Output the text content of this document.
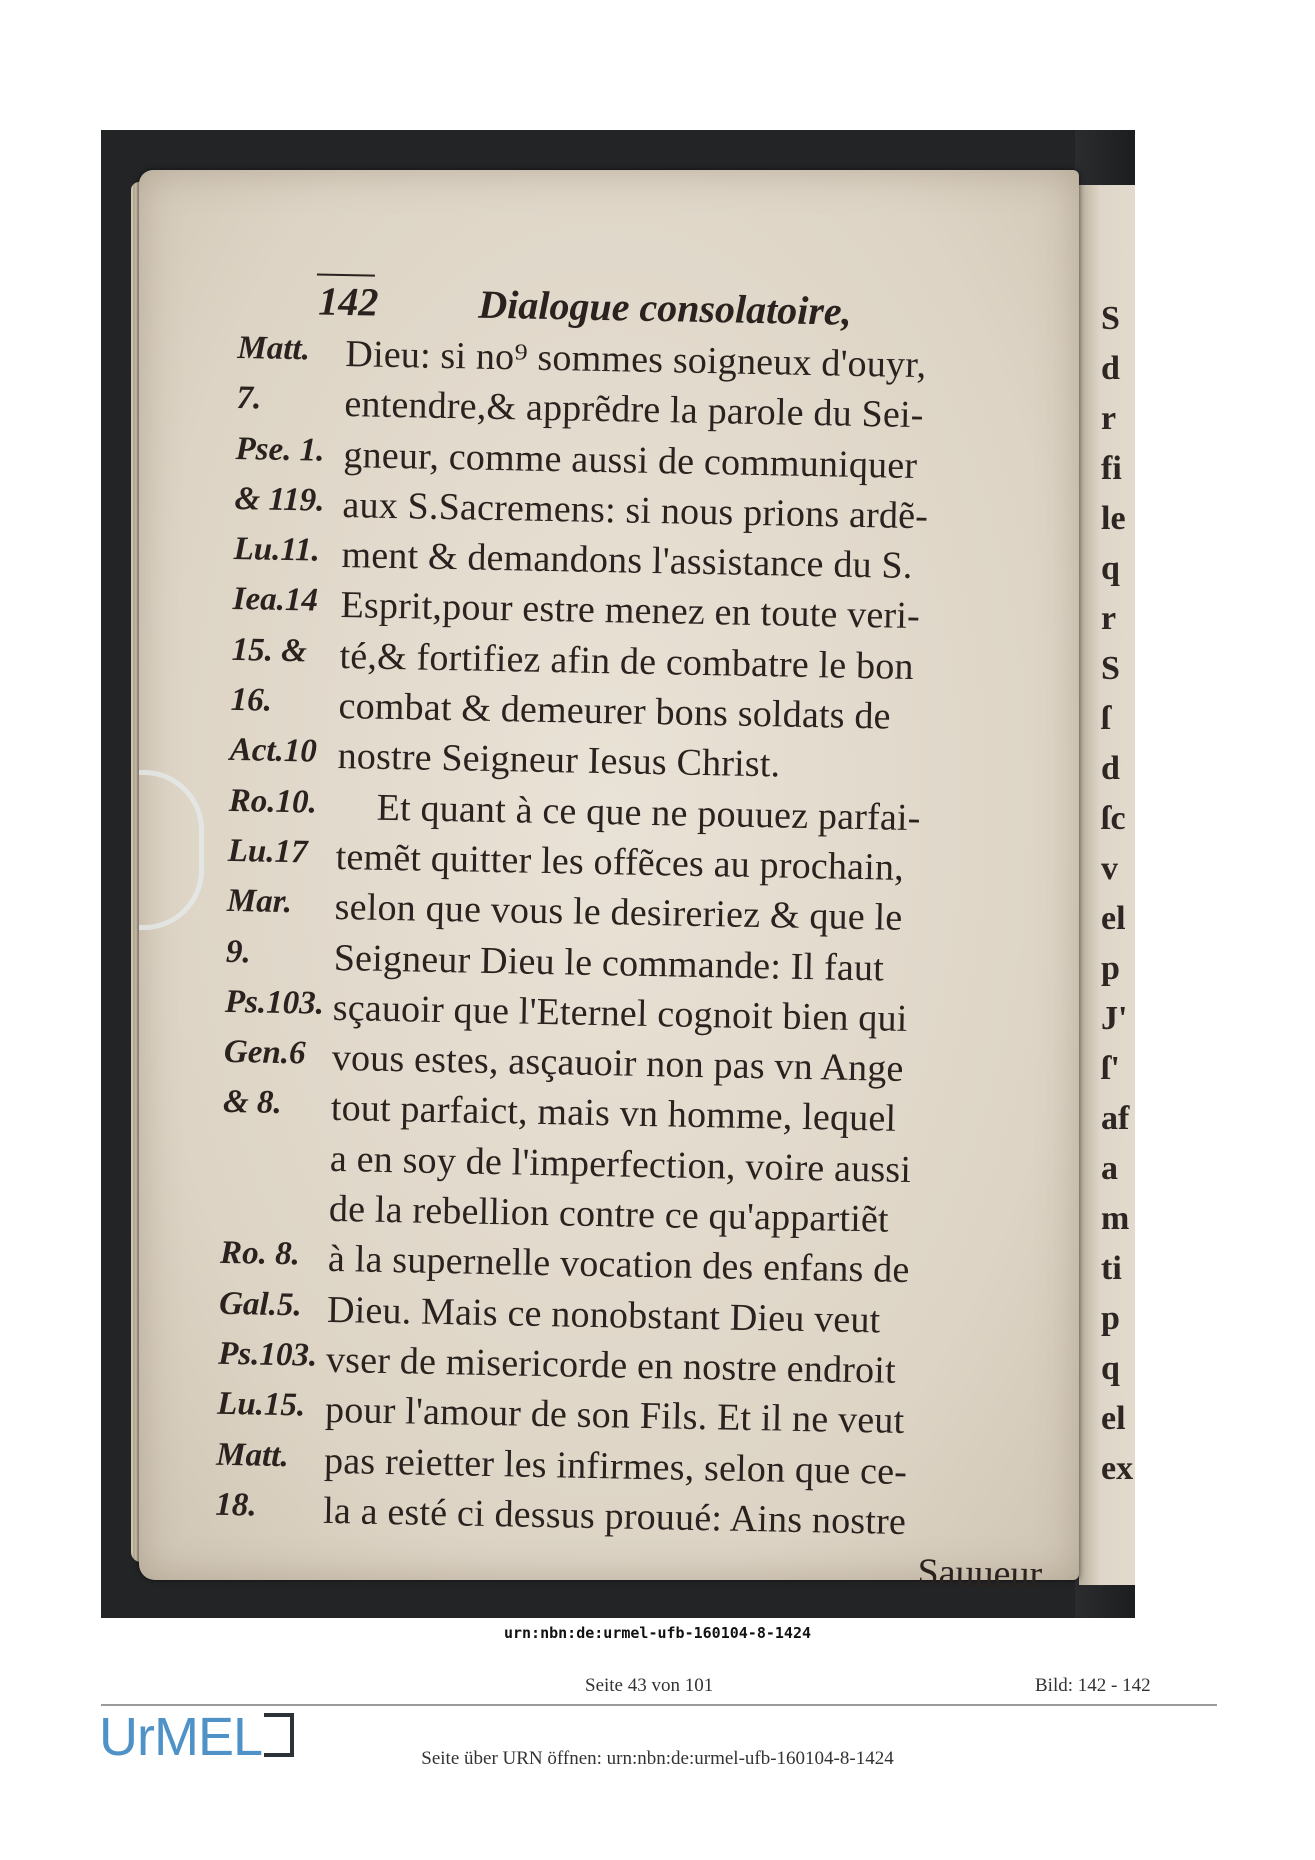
S
d
r
fi
le
q
r
S
ſ
d
ſc
v
el
p
J'
ſ'
af
a
m
ti
p
q
el
ex
142 Dialogue consolatoire,
Matt. Dieu: si no⁹ sommes soigneux d'ouyr,
7.	entendre,& apprẽdre la parole du Sei-
Pse. 1. gneur, comme aussi de communiquer
& 119. aux S.Sacremens: si nous prions ardẽ-
Lu.11. ment & demandons l'assistance du S.
Iea.14 Esprit,pour estre menez en toute veri-
15. & té,& fortifiez afin de combatre le bon
16.	combat & demeurer bons soldats de
Act.10 nostre Seigneur Iesus Christ.
Ro.10.	Et quant à ce que ne pouuez parfai-
Lu.17 temẽt quitter les offẽces au prochain,
Mar.	selon que vous le desireriez & que le
9.	Seigneur Dieu le commande: Il faut
Ps.103. sçauoir que l'Eternel cognoit bien qui
Gen.6 vous estes, asçauoir non pas vn Ange
& 8.	tout parfaict, mais vn homme, lequel
a en soy de l'imperfection, voire aussi
de la rebellion contre ce qu'appartiẽt
Ro. 8. à la supernelle vocation des enfans de
Gal.5. Dieu. Mais ce nonobstant Dieu veut
Ps.103. vser de misericorde en nostre endroit
Lu.15. pour l'amour de son Fils. Et il ne veut
Matt. pas reietter les infirmes, selon que ce-
18.	la a esté ci dessus prouué: Ains nostre
Sauueur
urn:nbn:de:urmel-ufb-160104-8-1424
Seite 43 von 101	Bild: 142 - 142
UrMEL	Seite über URN öffnen: urn:nbn:de:urmel-ufb-160104-8-1424
